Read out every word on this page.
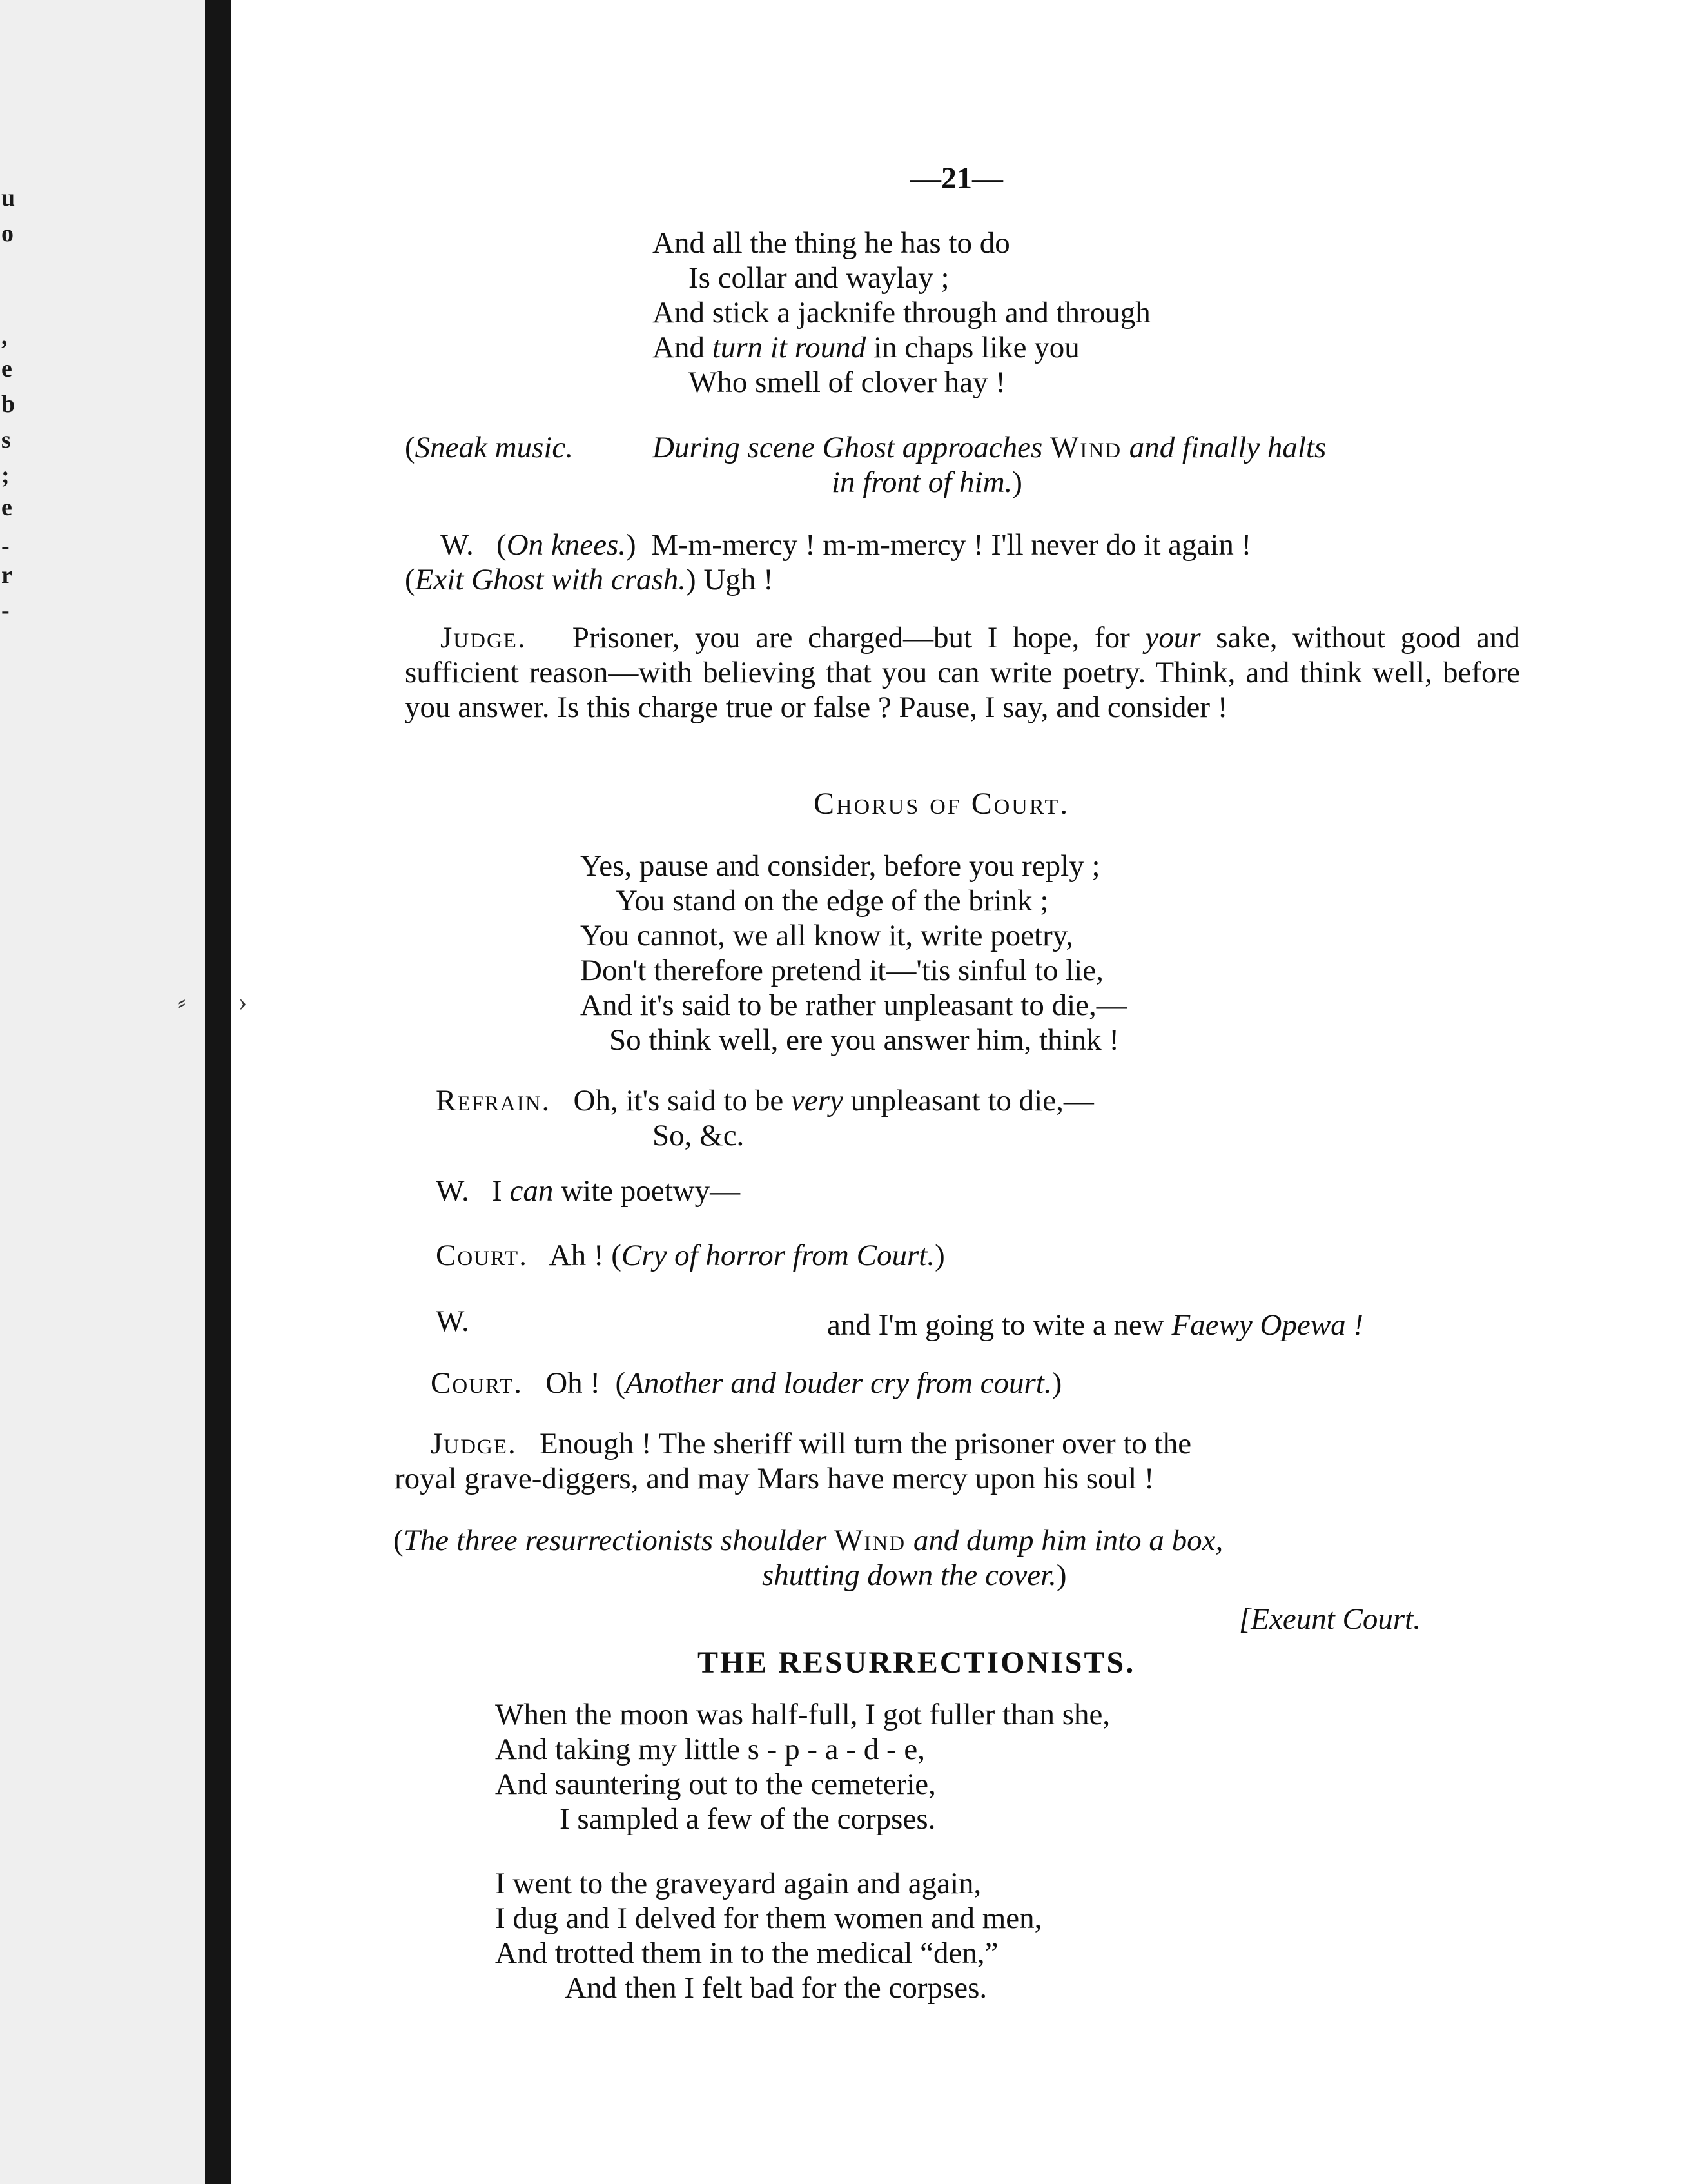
u
o
,
e
b
s
;
e
-
r
-
⸗ ›
—21—
And all the thing he has to do
Is collar and waylay ;
And stick a jacknife through and through
And turn it round in chaps like you
Who smell of clover hay !
(Sneak music.	During scene Ghost approaches Wind and finally halts
in front of him.)
W. (On knees.) M-m-mercy ! m-m-mercy ! I'll never do it again !
(Exit Ghost with crash.) Ugh !
Judge. Prisoner, you are charged—but I hope, for your sake, without good and sufficient reason—with believing that you can write poetry. Think, and think well, before you answer. Is this charge true or false ? Pause, I say, and consider !
Chorus of Court.
Yes, pause and consider, before you reply ;
You stand on the edge of the brink ;
You cannot, we all know it, write poetry,
Don't therefore pretend it—'tis sinful to lie,
And it's said to be rather unpleasant to die,—
So think well, ere you answer him, think !
Refrain. Oh, it's said to be very unpleasant to die,—
So, &c.
W. I can wite poetwy—
Court. Ah ! (Cry of horror from Court.)
W.	and I'm going to wite a new Faewy Opewa !
Court. Oh !  (Another and louder cry from court.)
Judge. Enough ! The sheriff will turn the prisoner over to the
royal grave-diggers, and may Mars have mercy upon his soul !
(The three resurrectionists shoulder Wind and dump him into a box,
shutting down the cover.)
[Exeunt Court.
THE RESURRECTIONISTS.
When the moon was half-full, I got fuller than she,
And taking my little s - p - a - d - e,
And sauntering out to the cemeterie,
I sampled a few of the corpses.
I went to the graveyard again and again,
I dug and I delved for them women and men,
And trotted them in to the medical “den,”
And then I felt bad for the corpses.
